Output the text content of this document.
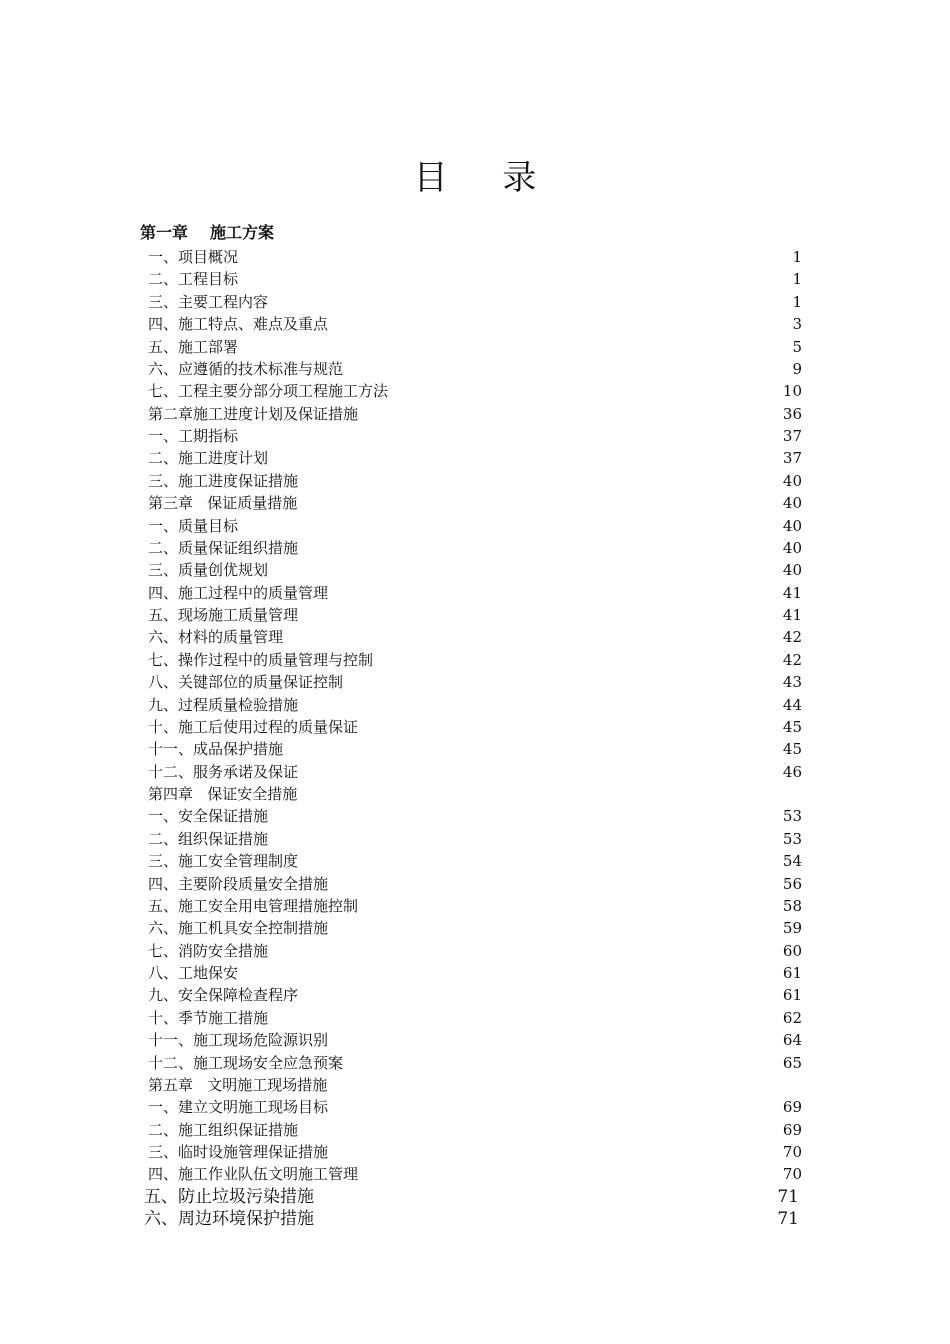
目 录
第一章 施工方案
一、项目概况	1
二、工程目标	1
三、主要工程内容	1
四、施工特点、难点及重点	3
五、施工部署	5
六、应遵循的技术标准与规范	9
七、工程主要分部分项工程施工方法	10
第二章施工进度计划及保证措施	36
一、工期指标	37
二、施工进度计划	37
三、施工进度保证措施	40
第三章   保证质量措施	40
一、质量目标	40
二、质量保证组织措施	40
三、质量创优规划	40
四、施工过程中的质量管理	41
五、现场施工质量管理	41
六、材料的质量管理	42
七、操作过程中的质量管理与控制	42
八、关键部位的质量保证控制	43
九、过程质量检验措施	44
十、施工后使用过程的质量保证	45
十一、成品保护措施	45
十二、服务承诺及保证	46
第四章   保证安全措施
一、安全保证措施	53
二、组织保证措施	53
三、施工安全管理制度	54
四、主要阶段质量安全措施	56
五、施工安全用电管理措施控制	58
六、施工机具安全控制措施	59
七、消防安全措施	60
八、工地保安	61
九、安全保障检查程序	61
十、季节施工措施	62
十一、施工现场危险源识别	64
十二、施工现场安全应急预案	65
第五章   文明施工现场措施
一、建立文明施工现场目标	69
二、施工组织保证措施	69
三、临时设施管理保证措施	70
四、施工作业队伍文明施工管理	70
五、防止垃圾污染措施	71
六、周边环境保护措施	71
